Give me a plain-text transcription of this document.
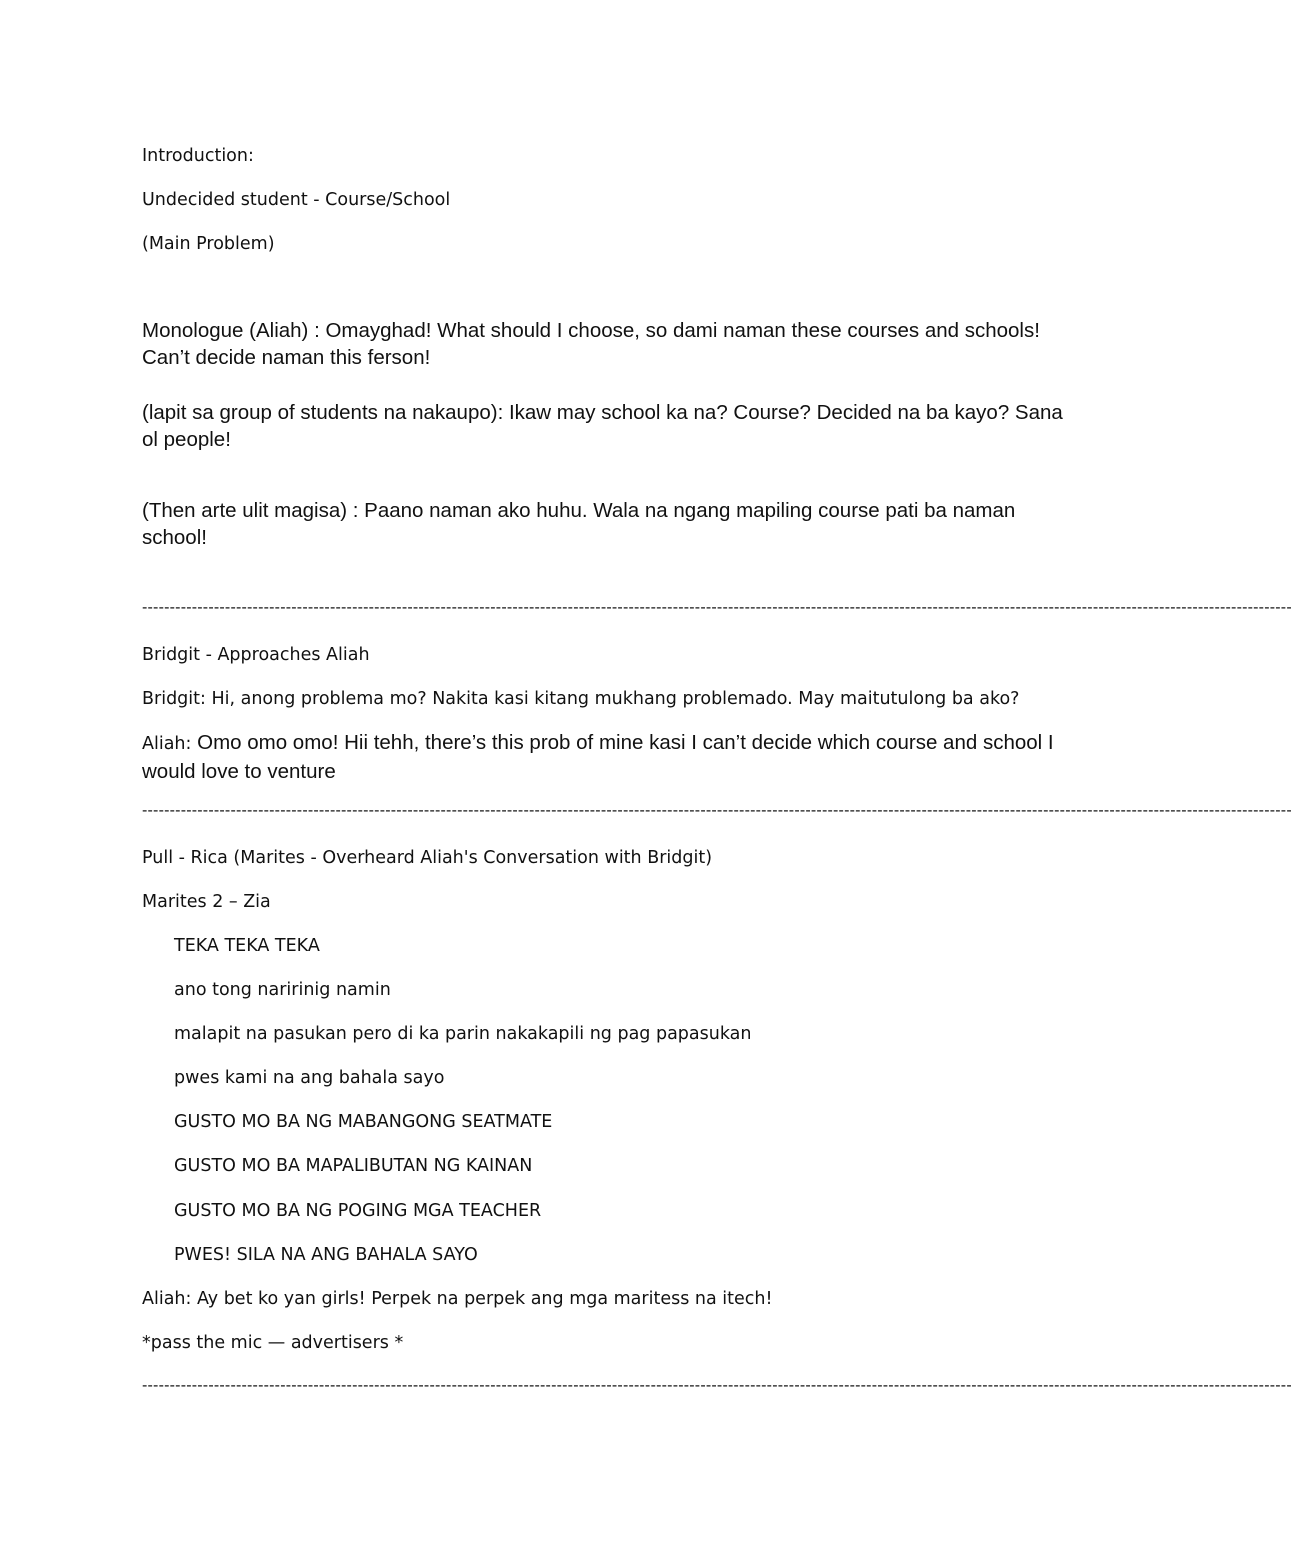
Introduction:
Undecided student - Course/School
(Main Problem)
Monologue (Aliah) : Omayghad! What should I choose, so dami naman these courses and schools! Can’t decide naman this ferson!
(lapit sa group of students na nakaupo): Ikaw may school ka na? Course? Decided na ba kayo? Sana ol people!
(Then arte ulit magisa) : Paano naman ako huhu. Wala na ngang mapiling course pati ba naman school!
----------------------------------------------------------------------------------------------------------------------------------------------------------------------------------------------------------------
Bridgit - Approaches Aliah
Bridgit: Hi, anong problema mo? Nakita kasi kitang mukhang problemado. May maitutulong ba ako?
Aliah: Omo omo omo! Hii tehh, there’s this prob of mine kasi I can’t decide which course and school I would love to venture
----------------------------------------------------------------------------------------------------------------------------------------------------------------------------------------------------------------
Pull - Rica (Marites - Overheard Aliah's Conversation with Bridgit)
Marites 2 – Zia
TEKA TEKA TEKA
ano tong naririnig namin
malapit na pasukan pero di ka parin nakakapili ng pag papasukan
pwes kami na ang bahala sayo
GUSTO MO BA NG MABANGONG SEATMATE
GUSTO MO BA MAPALIBUTAN NG KAINAN
GUSTO MO BA NG POGING MGA TEACHER
PWES! SILA NA ANG BAHALA SAYO
Aliah: Ay bet ko yan girls! Perpek na perpek ang mga maritess na itech!
*pass the mic — advertisers *
----------------------------------------------------------------------------------------------------------------------------------------------------------------------------------------------------------------
